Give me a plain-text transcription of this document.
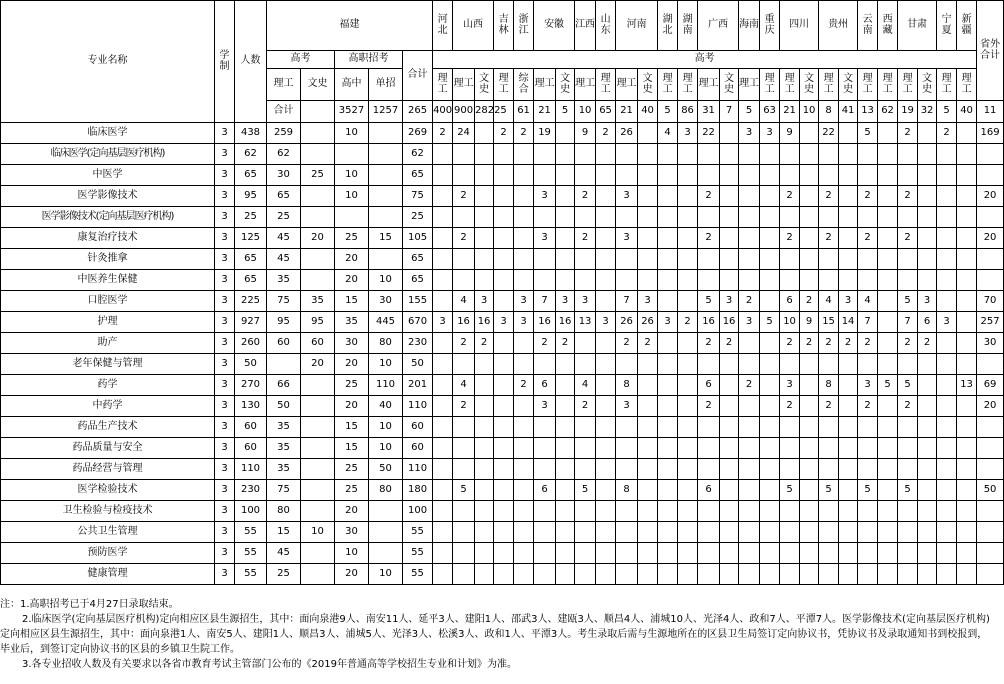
专业名称	学制	人数	福建					河北	山西		吉林	浙江	安徽		江西	山东	河南		湖北	湖南	广西		海南	重庆	四川		贵州		云南	西藏	甘肃		宁夏	新疆	省外合计	
			高考		高职招考		合计	高考																												
			理工	文史	高中	单招		理工	理工	文史	理工	综合	理工	文史	理工	理工	理工	文史	理工	理工	理工	文史	理工	理工	理工	文史	理工	文史	理工	理工	理工	文史	理工	理工		
			合计		3527	1257	265	400	900	2822	5	61	21	5	10	65	21	40	5	86	31	7	5	63	21	10	8	41	13	62	19	32	5	40	11			
临床医学	3	438	259		10		269	2	24		2	2	19		9	2	26		4	3	22		3	3	9		22		5		2		2		169	
临床医学(定向基层医疗机构)	3	62	62				62																													
中医学	3	65	30	25	10		65																													
医学影像技术	3	95	65		10		75		2				3		2		3				2				2		2		2		2				20	
医学影像技术(定向基层医疗机构)	3	25	25				25																													
康复治疗技术	3	125	45	20	25	15	105		2				3		2		3				2				2		2		2		2				20	
针灸推拿	3	65	45		20		65																													
中医养生保健	3	65	35		20	10	65																													
口腔医学	3	225	75	35	15	30	155		4	3		3	7	3	3		7	3			5	3	2		6	2	4	3	4		5	3			70	
护理	3	927	95	95	35	445	670	3	16	16	3	3	16	16	13	3	26	26	3	2	16	16	3	5	10	9	15	14	7		7	6	3		257	
助产	3	260	60	60	30	80	230		2	2			2	2			2	2			2	2			2	2	2	2	2		2	2			30	
老年保健与管理	3	50		20	20	10	50																													
药学	3	270	66		25	110	201		4			2	6		4		8				6		2		3		8		3	5	5			13	69	
中药学	3	130	50		20	40	110		2				3		2		3				2				2		2		2		2				20	
药品生产技术	3	60	35		15	10	60																													
药品质量与安全	3	60	35		15	10	60																													
药品经营与管理	3	110	35		25	50	110																													
医学检验技术	3	230	75		25	80	180		5				6		5		8				6				5		5		5		5				50	
卫生检验与检疫技术	3	100	80		20		100																													
公共卫生管理	3	55	15	10	30		55																													
预防医学	3	55	45		10		55																													
健康管理	3	55	25		20	10	55																													

注：1.高职招考已于4月27日录取结束。

2.临床医学(定向基层医疗机构)定向相应区县生源招生，其中：面向泉港9人、南安11人、延平3人、建阳1人、邵武3人、建瓯3人、顺昌4人、浦城10人、光泽4人、政和7人、平潭7人。医学影像技术(定向基层医疗机构)定向相应区县生源招生，其中：面向泉港1人、南安5人、建阳1人、顺昌3人、浦城5人、光泽3人、松溪3人、政和1人、平潭3人。考生录取后需与生源地所在的区县卫生局签订定向协议书，凭协议书及录取通知书到校报到，毕业后，到签订定向协议书的区县的乡镇卫生院工作。

3.各专业招收人数及有关要求以各省市教育考试主管部门公布的《2019年普通高等学校招生专业和计划》为准。
